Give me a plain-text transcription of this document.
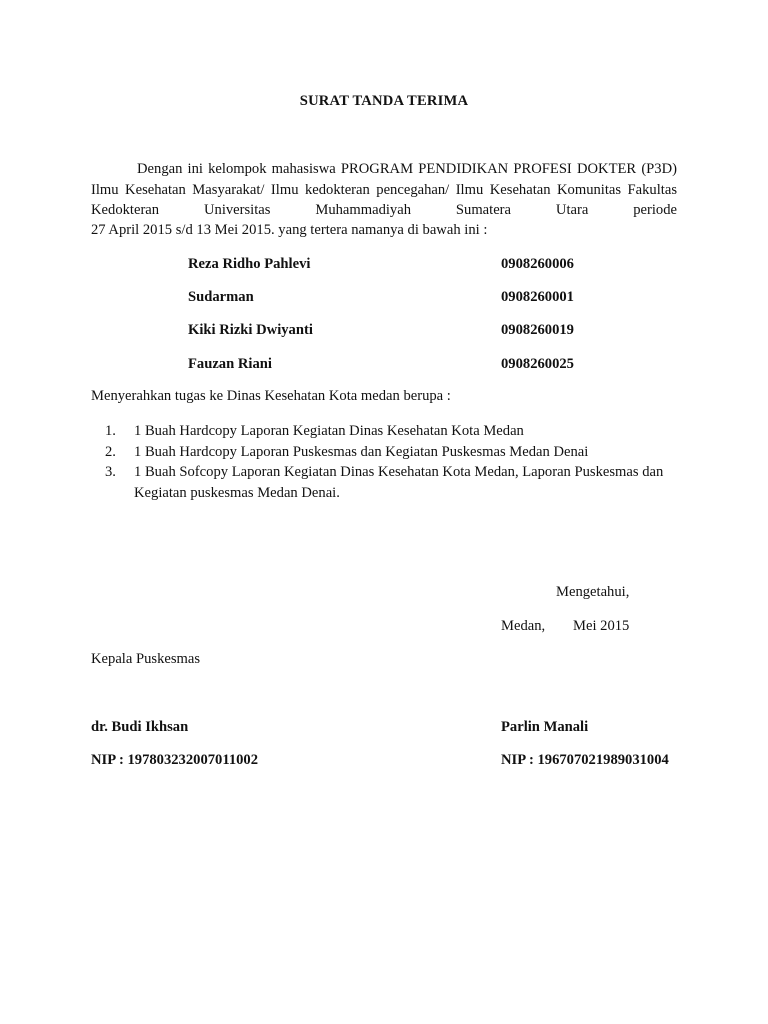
SURAT TANDA TERIMA

Dengan ini kelompok mahasiswa PROGRAM PENDIDIKAN PROFESI DOKTER (P3D) Ilmu Kesehatan Masyarakat/ Ilmu kedokteran pencegahan/ Ilmu Kesehatan Komunitas Fakultas Kedokteran Universitas Muhammadiyah Sumatera Utara periode

27 April 2015 s/d 13 Mei 2015. yang tertera namanya di bawah ini :

Reza Ridho Pahlevi	0908260006
Sudarman	0908260001
Kiki Rizki Dwiyanti	0908260019
Fauzan Riani	0908260025

Menyerahkan tugas ke Dinas Kesehatan Kota medan berupa :

1. 1 Buah Hardcopy Laporan Kegiatan Dinas Kesehatan Kota Medan
2. 1 Buah Hardcopy Laporan Puskesmas dan Kegiatan Puskesmas Medan Denai
3. 1 Buah Sofcopy Laporan Kegiatan Dinas Kesehatan Kota Medan, Laporan Puskesmas dan Kegiatan puskesmas Medan Denai.
Mengetahui,
Medan, Mei 2015
Kepala Puskesmas
dr. Budi Ikhsan	Parlin Manali
NIP : 197803232007011002	NIP : 196707021989031004
